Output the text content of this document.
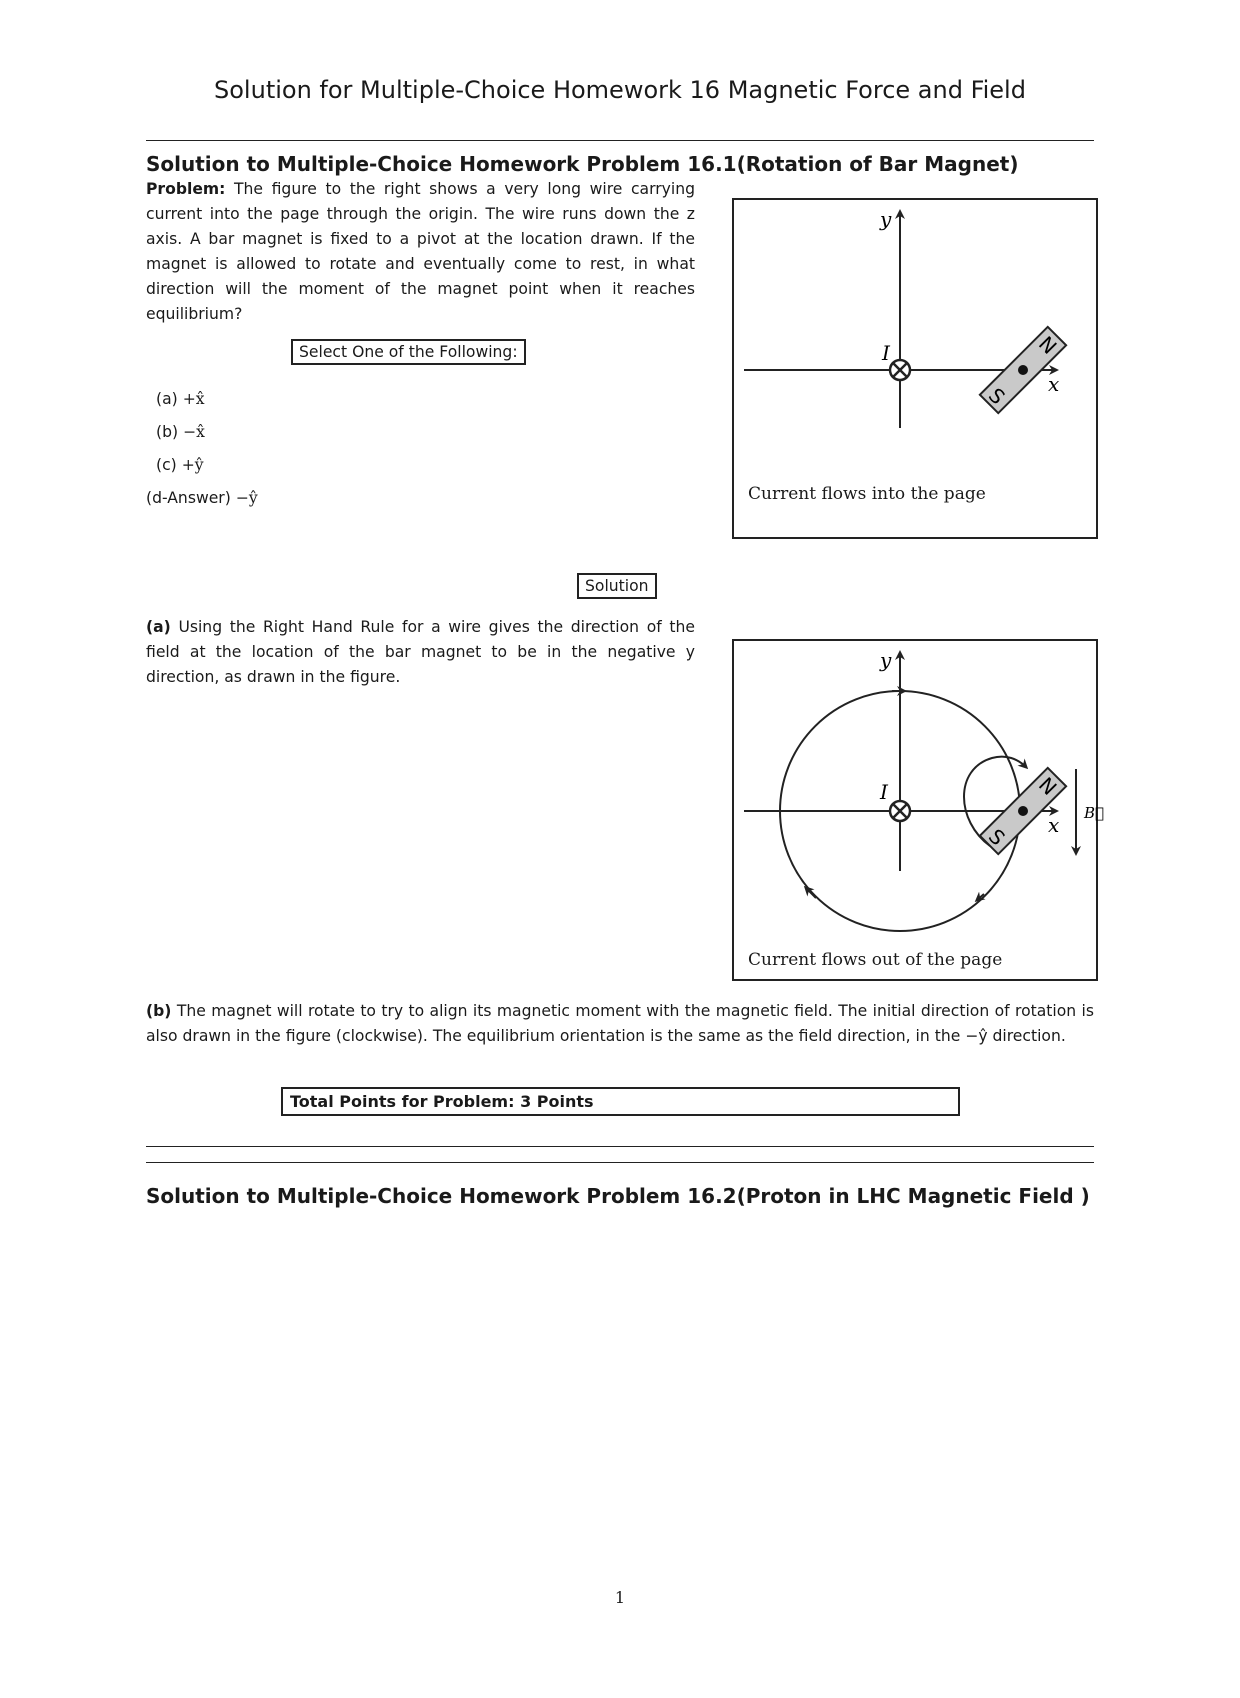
Solution for Multiple-Choice Homework 16 Magnetic Force and Field
Solution to Multiple-Choice Homework Problem 16.1(Rotation of Bar Magnet)
Problem: The figure to the right shows a very long wire carrying current into the page through the origin. The wire runs down the z axis. A bar magnet is fixed to a pivot at the location drawn. If the magnet is allowed to rotate and eventually come to rest, in what direction will the moment of the magnet point when it reaches equilibrium?
Select One of the Following:
(a) +x̂
(b) −x̂
(c) +ŷ
(d-Answer) −ŷ
y
x
I	N
S
Current flows into the page
Solution
(a) Using the Right Hand Rule for a wire gives the direction of the field at the location of the bar magnet to be in the negative y direction, as drawn in the figure.
y
x
I	N
S
B⃗
Current flows out of the page
(b) The magnet will rotate to try to align its magnetic moment with the magnetic field. The initial direction of rotation is also drawn in the figure (clockwise). The equilibrium orientation is the same as the field direction, in the −ŷ direction.
Total Points for Problem: 3 Points
Solution to Multiple-Choice Homework Problem 16.2(Proton in LHC Magnetic Field )
1
